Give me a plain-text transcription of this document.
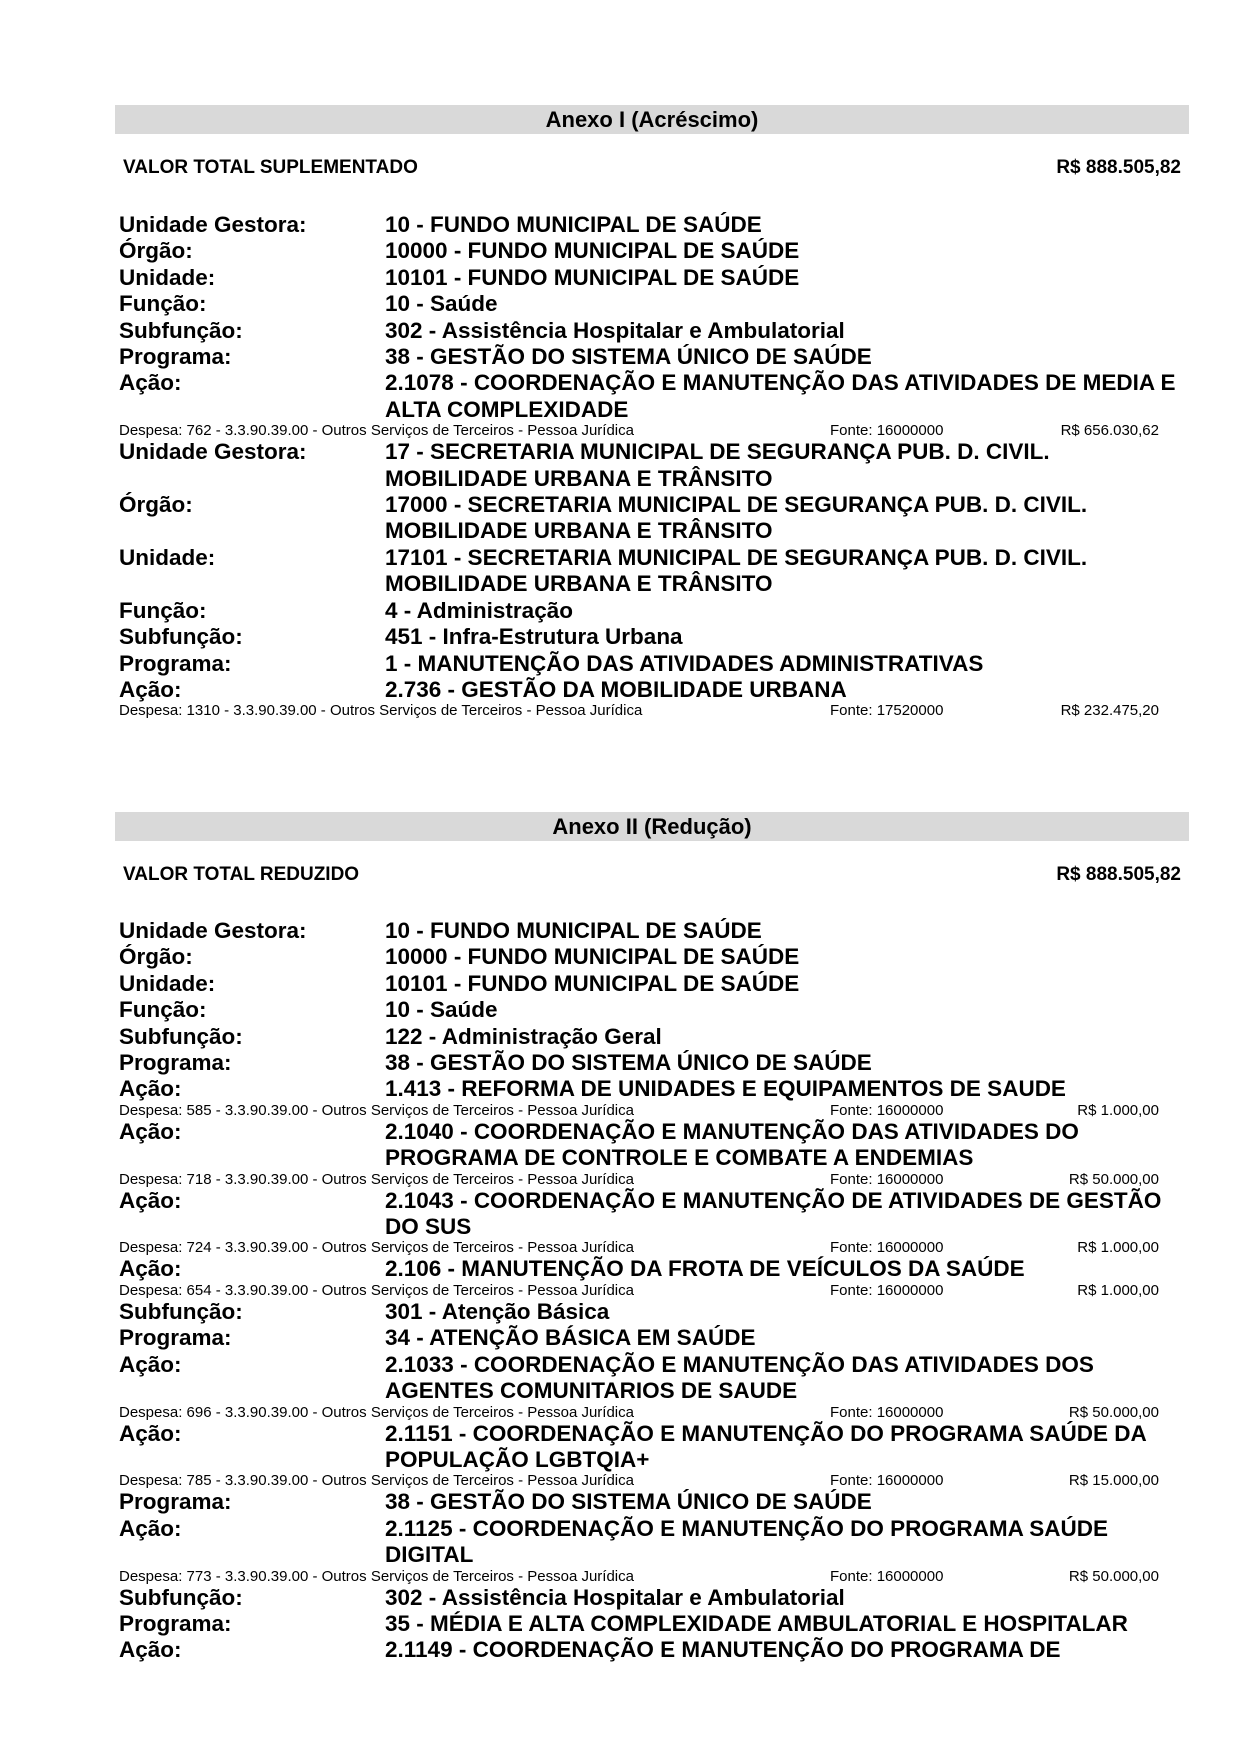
Anexo I (Acréscimo)
VALOR TOTAL SUPLEMENTADO	R$ 888.505,82
Unidade Gestora:	10 - FUNDO MUNICIPAL DE SAÚDE
Órgão:	10000 - FUNDO MUNICIPAL DE SAÚDE
Unidade:	10101 - FUNDO MUNICIPAL DE SAÚDE
Função:	10 - Saúde
Subfunção:	302 - Assistência Hospitalar e Ambulatorial
Programa:	38 - GESTÃO DO SISTEMA ÚNICO DE SAÚDE
Ação:	2.1078 - COORDENAÇÃO E MANUTENÇÃO DAS ATIVIDADES DE MEDIA E ALTA COMPLEXIDADE
Despesa: 762 - 3.3.90.39.00 - Outros Serviços de Terceiros - Pessoa Jurídica	Fonte: 16000000	R$ 656.030,62
Unidade Gestora:	17 - SECRETARIA MUNICIPAL DE SEGURANÇA PUB. D. CIVIL. MOBILIDADE URBANA E TRÂNSITO
Órgão:	17000 - SECRETARIA MUNICIPAL DE SEGURANÇA PUB. D. CIVIL. MOBILIDADE URBANA E TRÂNSITO
Unidade:	17101 - SECRETARIA MUNICIPAL DE SEGURANÇA PUB. D. CIVIL. MOBILIDADE URBANA E TRÂNSITO
Função:	4 - Administração
Subfunção:	451 - Infra-Estrutura Urbana
Programa:	1 - MANUTENÇÃO DAS ATIVIDADES ADMINISTRATIVAS
Ação:	2.736 - GESTÃO DA MOBILIDADE URBANA
Despesa: 1310 - 3.3.90.39.00 - Outros Serviços de Terceiros - Pessoa Jurídica	Fonte: 17520000	R$ 232.475,20
Anexo II (Redução)
VALOR TOTAL REDUZIDO	R$ 888.505,82
Unidade Gestora:	10 - FUNDO MUNICIPAL DE SAÚDE
Órgão:	10000 - FUNDO MUNICIPAL DE SAÚDE
Unidade:	10101 - FUNDO MUNICIPAL DE SAÚDE
Função:	10 - Saúde
Subfunção:	122 - Administração Geral
Programa:	38 - GESTÃO DO SISTEMA ÚNICO DE SAÚDE
Ação:	1.413 - REFORMA DE UNIDADES E EQUIPAMENTOS DE SAUDE
Despesa: 585 - 3.3.90.39.00 - Outros Serviços de Terceiros - Pessoa Jurídica	Fonte: 16000000	R$ 1.000,00
Ação:	2.1040 - COORDENAÇÃO E MANUTENÇÃO DAS ATIVIDADES DO PROGRAMA DE CONTROLE E COMBATE A ENDEMIAS
Despesa: 718 - 3.3.90.39.00 - Outros Serviços de Terceiros - Pessoa Jurídica	Fonte: 16000000	R$ 50.000,00
Ação:	2.1043 - COORDENAÇÃO E MANUTENÇÃO DE ATIVIDADES DE GESTÃO DO SUS
Despesa: 724 - 3.3.90.39.00 - Outros Serviços de Terceiros - Pessoa Jurídica	Fonte: 16000000	R$ 1.000,00
Ação:	2.106 - MANUTENÇÃO DA FROTA DE VEÍCULOS DA SAÚDE
Despesa: 654 - 3.3.90.39.00 - Outros Serviços de Terceiros - Pessoa Jurídica	Fonte: 16000000	R$ 1.000,00
Subfunção:	301 - Atenção Básica
Programa:	34 - ATENÇÃO BÁSICA EM SAÚDE
Ação:	2.1033 - COORDENAÇÃO E MANUTENÇÃO DAS ATIVIDADES DOS AGENTES COMUNITARIOS DE SAUDE
Despesa: 696 - 3.3.90.39.00 - Outros Serviços de Terceiros - Pessoa Jurídica	Fonte: 16000000	R$ 50.000,00
Ação:	2.1151 - COORDENAÇÃO E MANUTENÇÃO DO PROGRAMA SAÚDE DA POPULAÇÃO LGBTQIA+
Despesa: 785 - 3.3.90.39.00 - Outros Serviços de Terceiros - Pessoa Jurídica	Fonte: 16000000	R$ 15.000,00
Programa:	38 - GESTÃO DO SISTEMA ÚNICO DE SAÚDE
Ação:	2.1125 - COORDENAÇÃO E MANUTENÇÃO DO PROGRAMA SAÚDE DIGITAL
Despesa: 773 - 3.3.90.39.00 - Outros Serviços de Terceiros - Pessoa Jurídica	Fonte: 16000000	R$ 50.000,00
Subfunção:	302 - Assistência Hospitalar e Ambulatorial
Programa:	35 - MÉDIA E ALTA COMPLEXIDADE AMBULATORIAL E HOSPITALAR
Ação:	2.1149 - COORDENAÇÃO E MANUTENÇÃO DO PROGRAMA DE
